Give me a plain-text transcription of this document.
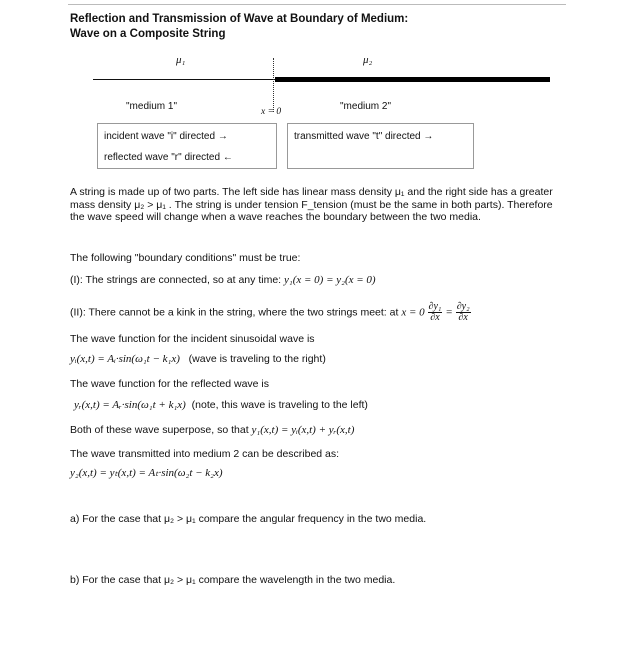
Reflection and Transmission of Wave at Boundary of Medium:
Wave on a Composite String
μ₁	μ₂
"medium 1"	"medium 2"
x = 0
incident wave "i" directed →
reflected wave "r" directed ←
transmitted wave "t" directed →
A string is made up of two parts. The left side has linear mass density μ₁ and the right side has a greater mass density μ₂ > μ₁ . The string is under tension F_tension (must be the same in both parts). Therefore the wave speed will change when a wave reaches the boundary between the two media.
The following "boundary conditions" must be true:
(I): The strings are connected, so at any time: y₁(x = 0) = y₂(x = 0)
(II): There cannot be a kink in the string, where the two strings meet: at $x = 0 \frac{\text{∂y₁}}{\partial x} = \frac{\text{∂y₂}}{\partial x}$
The wave function for the incident sinusoidal wave is
yᵢ(x,t) = Aᵢ·sin(ω₁t − k₁x) (wave is traveling to the right)
The wave function for the reflected wave is
yᵣ(x,t) = Aᵣ·sin(ω₁t + k₁x) (note, this wave is traveling to the left)
Both of these wave superpose, so that y₁(x,t) = yᵢ(x,t) + yᵣ(x,t)
The wave transmitted into medium 2 can be described as:
y₂(x,t) = yₜ(x,t) = Aₜ·sin(ω₂t − k₂x)
a) For the case that μ₂ > μ₁ compare the angular frequency in the two media.
b) For the case that μ₂ > μ₁ compare the wavelength in the two media.
